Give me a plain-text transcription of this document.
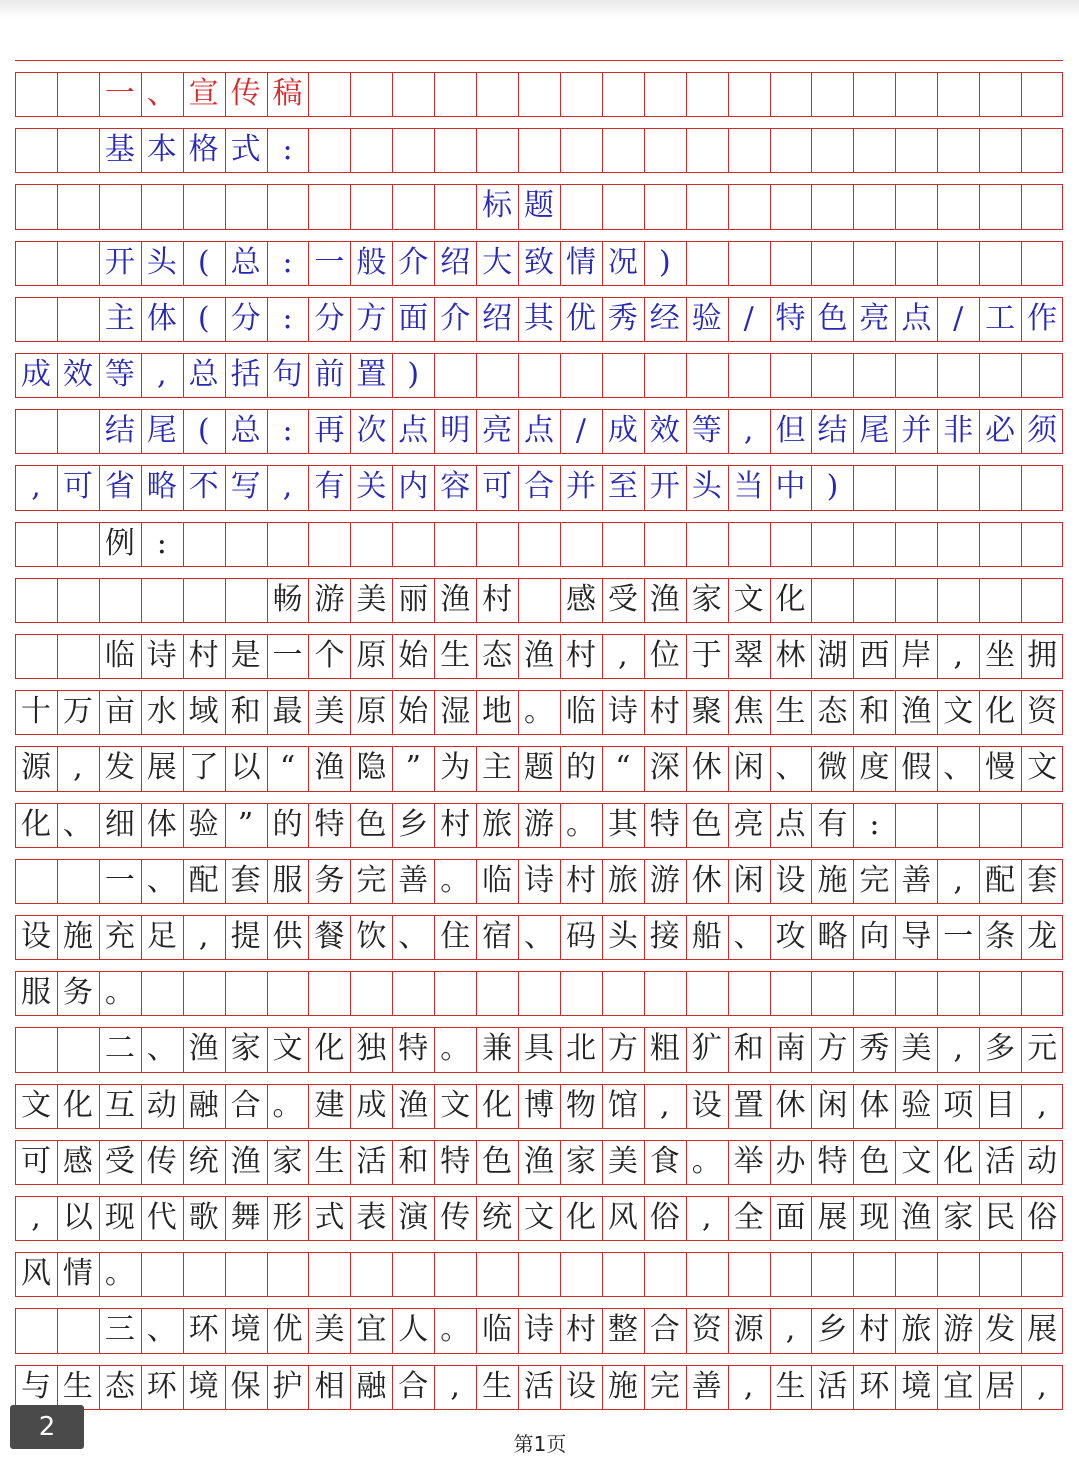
一 、 宣 传 稿
基 本 格 式 :
标 题
开 头 ( 总 : 一 般 介 绍 大 致 情 况 )
主 体 ( 分 : 分 方 面 介 绍 其 优 秀 经 验 / 特 色 亮 点 / 工 作
成 效 等 , 总 括 句 前 置 )
结 尾 ( 总 : 再 次 点 明 亮 点 / 成 效 等 , 但 结 尾 并 非 必 须
, 可 省 略 不 写 , 有 关 内 容 可 合 并 至 开 头 当 中 )
例 :
畅 游 美 丽 渔 村 感 受 渔 家 文 化
临 诗 村 是 一 个 原 始 生 态 渔 村 , 位 于 翠 林 湖 西 岸 , 坐 拥
十 万 亩 水 域 和 最 美 原 始 湿 地 。 临 诗 村 聚 焦 生 态 和 渔 文 化 资
源 , 发 展 了 以 “ 渔 隐 ” 为 主 题 的 “ 深 休 闲 、 微 度 假 、 慢 文
化 、 细 体 验 ” 的 特 色 乡 村 旅 游 。 其 特 色 亮 点 有 :
一 、 配 套 服 务 完 善 。 临 诗 村 旅 游 休 闲 设 施 完 善 , 配 套
设 施 充 足 , 提 供 餐 饮 、 住 宿 、 码 头 接 船 、 攻 略 向 导 一 条 龙
服 务 。
二 、 渔 家 文 化 独 特 。 兼 具 北 方 粗 犷 和 南 方 秀 美 , 多 元
文 化 互 动 融 合 。 建 成 渔 文 化 博 物 馆 , 设 置 休 闲 体 验 项 目 ,
可 感 受 传 统 渔 家 生 活 和 特 色 渔 家 美 食 。 举 办 特 色 文 化 活 动
, 以 现 代 歌 舞 形 式 表 演 传 统 文 化 风 俗 , 全 面 展 现 渔 家 民 俗
风 情 。
三 、 环 境 优 美 宜 人 。 临 诗 村 整 合 资 源 , 乡 村 旅 游 发 展
与 生 态 环 境 保 护 相 融 合 , 生 活 设 施 完 善 , 生 活 环 境 宜 居 ,
2
第1页
